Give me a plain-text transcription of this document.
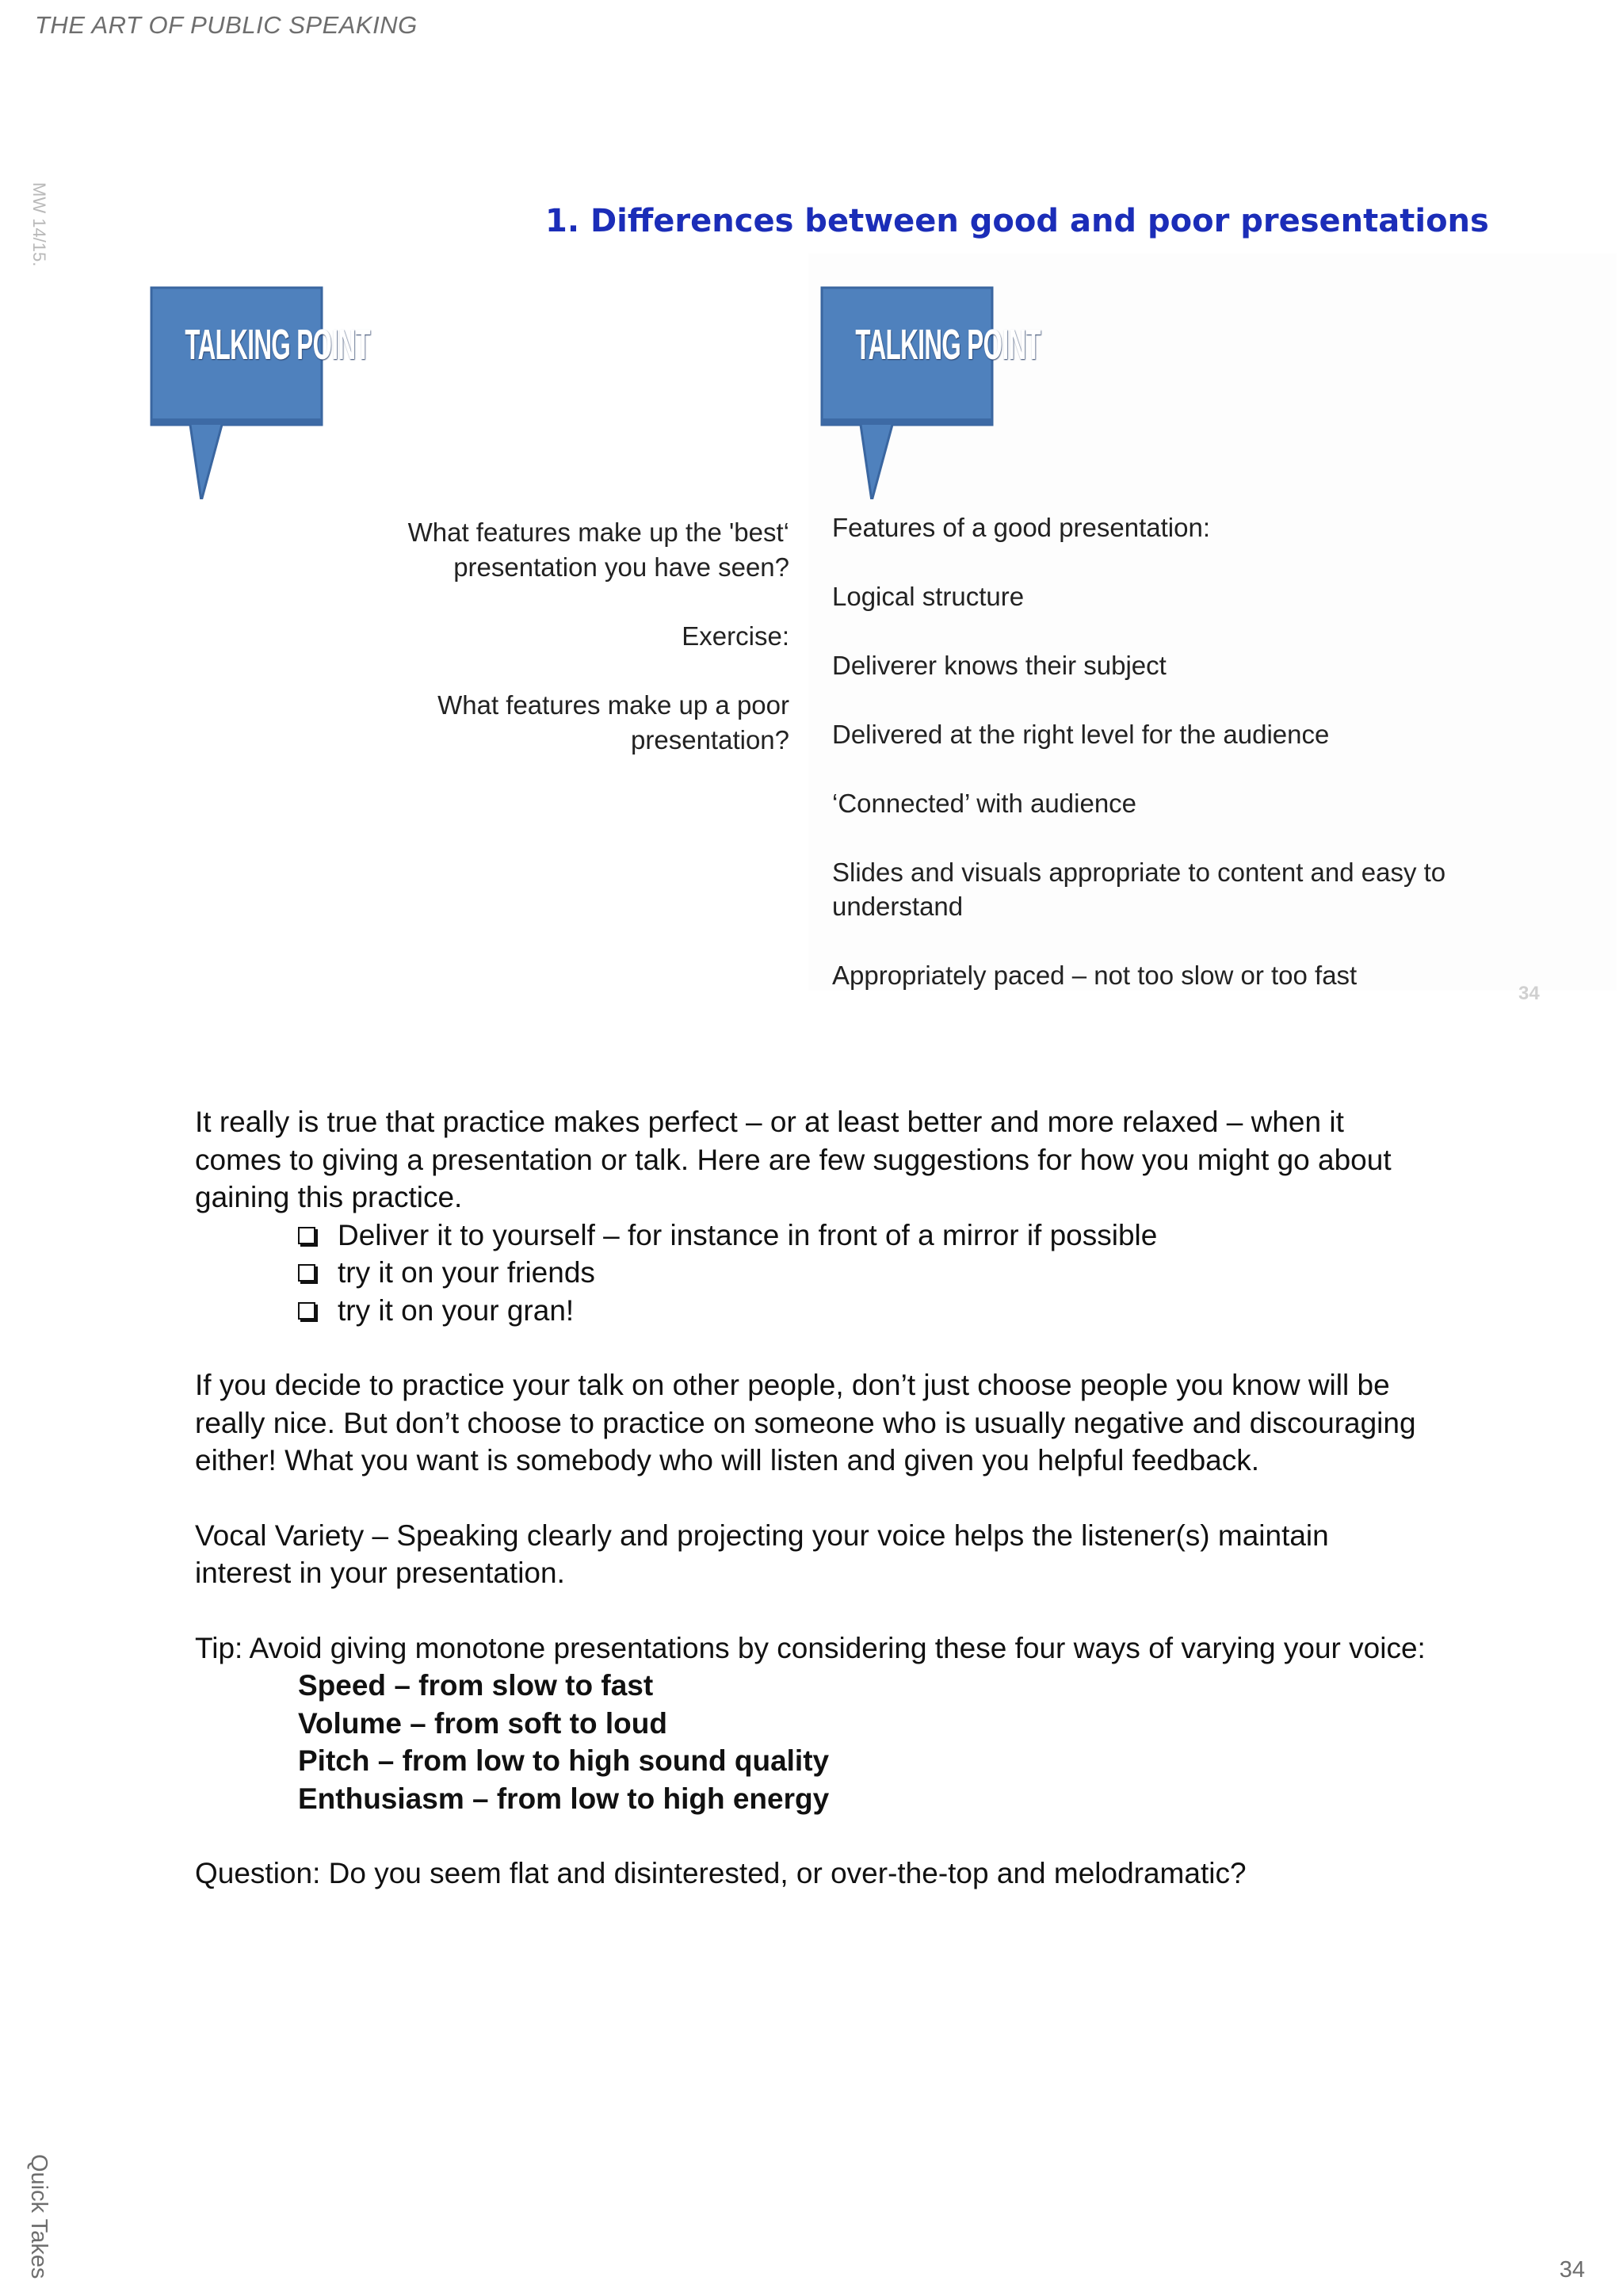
THE ART OF PUBLIC SPEAKING
MW 14/15.	1. Differences between good and poor presentations
TALKING POINT	TALKING POINT

What features make up the 'best‘ presentation you have seen?

Exercise:

What features make up a poor presentation?

Features of a good presentation:

Logical structure

Deliverer knows their subject

Delivered at the right level for the audience

‘Connected’ with audience

Slides and visuals appropriate to content and easy to understand

Appropriately paced – not too slow or too fast

34

It really is true that practice makes perfect – or at least better and more relaxed – when it comes to giving a presentation or talk. Here are few suggestions for how you might go about gaining this practice.

Deliver it to yourself – for instance in front of a mirror if possible
try it on your friends
try it on your gran!

If you decide to practice your talk on other people, don’t just choose people you know will be really nice. But don’t choose to practice on someone who is usually negative and discouraging either! What you want is somebody who will listen and given you helpful feedback.

Vocal Variety – Speaking clearly and projecting your voice helps the listener(s) maintain interest in your presentation.

Tip: Avoid giving monotone presentations by considering these four ways of varying your voice:

Speed – from slow to fast
Volume – from soft to loud
Pitch – from low to high sound quality
Enthusiasm – from low to high energy

Question: Do you seem flat and disinterested, or over-the-top and melodramatic?

Quick Takes	34
